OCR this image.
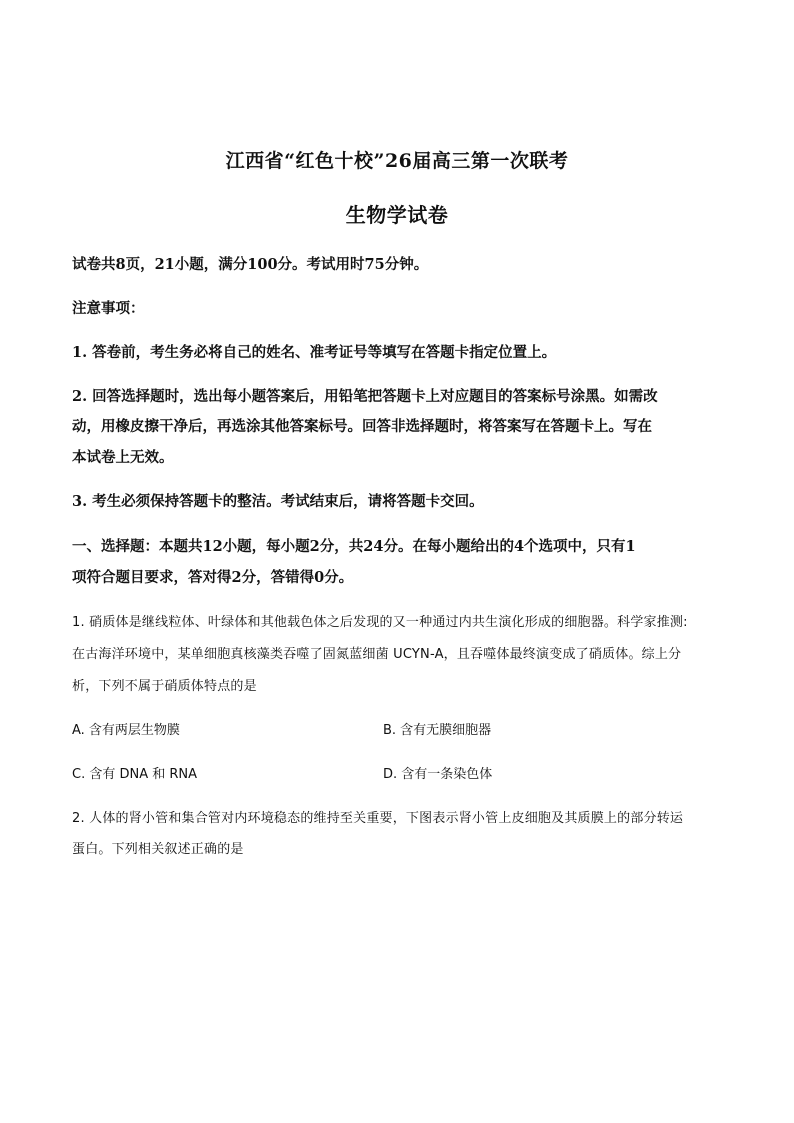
江西省“红色十校”26届高三第一次联考
生物学试卷
试卷共8页，21小题，满分100分。考试用时75分钟。
注意事项：
1. 答卷前，考生务必将自己的姓名、准考证号等填写在答题卡指定位置上。
2. 回答选择题时，选出每小题答案后，用铅笔把答题卡上对应题目的答案标号涂黑。如需改
动，用橡皮擦干净后，再选涂其他答案标号。回答非选择题时，将答案写在答题卡上。写在
本试卷上无效。
3. 考生必须保持答题卡的整洁。考试结束后，请将答题卡交回。
一、选择题：本题共12小题，每小题2分，共24分。在每小题给出的4个选项中，只有1
项符合题目要求，答对得2分，答错得0分。
1. 硝质体是继线粒体、叶绿体和其他载色体之后发现的又一种通过内共生演化形成的细胞器。科学家推测:
在古海洋环境中，某单细胞真核藻类吞噬了固氮蓝细菌 UCYN-A，且吞噬体最终演变成了硝质体。综上分
析，下列不属于硝质体特点的是
A. 含有两层生物膜	B. 含有无膜细胞器
C. 含有 DNA 和 RNA	D. 含有一条染色体
2. 人体的肾小管和集合管对内环境稳态的维持至关重要，下图表示肾小管上皮细胞及其质膜上的部分转运
蛋白。下列相关叙述正确的是
